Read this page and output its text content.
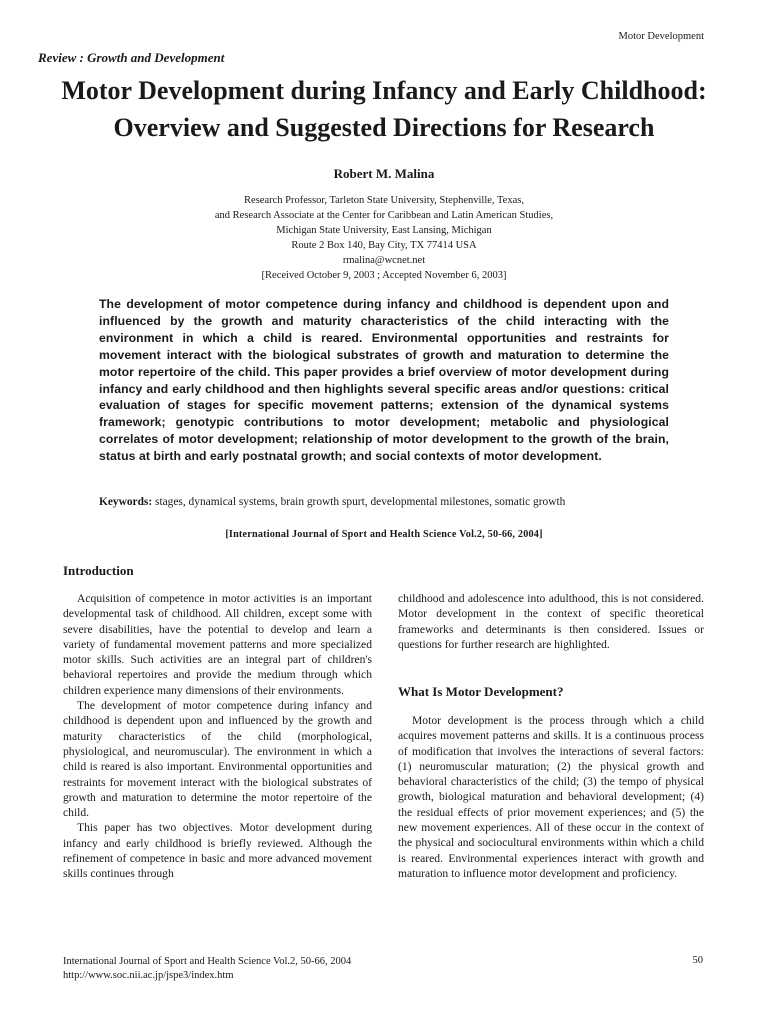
Motor Development
Review : Growth and Development
Motor Development during Infancy and Early Childhood:
Overview and Suggested Directions for Research
Robert M. Malina
Research Professor, Tarleton State University, Stephenville, Texas,
and Research Associate at the Center for Caribbean and Latin American Studies,
Michigan State University, East Lansing, Michigan
Route 2 Box 140, Bay City, TX 77414 USA
rmalina@wcnet.net
[Received October 9, 2003 ; Accepted November 6, 2003]
The development of motor competence during infancy and childhood is dependent upon and influenced by the growth and maturity characteristics of the child interacting with the environment in which a child is reared. Environmental opportunities and restraints for movement interact with the biological substrates of growth and maturation to determine the motor repertoire of the child. This paper provides a brief overview of motor development during infancy and early childhood and then highlights several specific areas and/or questions: critical evaluation of stages for specific movement patterns; extension of the dynamical systems framework; genotypic contributions to motor development; metabolic and physiological correlates of motor development; relationship of motor development to the growth of the brain, status at birth and early postnatal growth; and social contexts of motor development.
Keywords: stages, dynamical systems, brain growth spurt, developmental milestones, somatic growth
[International Journal of Sport and Health Science Vol.2, 50-66, 2004]
Introduction

Acquisition of competence in motor activities is an important developmental task of childhood. All children, except some with severe disabilities, have the potential to develop and learn a variety of fundamental movement patterns and more specialized motor skills. Such activities are an integral part of children's behavioral repertoires and provide the medium through which children experience many dimensions of their environments.

The development of motor competence during infancy and childhood is dependent upon and influenced by the growth and maturity characteristics of the child (morphological, physiological, and neuromuscular). The environment in which a child is reared is also important. Environmental opportunities and restraints for movement interact with the biological substrates of growth and maturation to determine the motor repertoire of the child.

This paper has two objectives. Motor development during infancy and early childhood is briefly reviewed. Although the refinement of competence in basic and more advanced movement skills continues through

childhood and adolescence into adulthood, this is not considered. Motor development in the context of specific theoretical frameworks and determinants is then considered. Issues or questions for further research are highlighted.

What Is Motor Development?

Motor development is the process through which a child acquires movement patterns and skills. It is a continuous process of modification that involves the interactions of several factors: (1) neuromuscular maturation; (2) the physical growth and behavioral characteristics of the child; (3) the tempo of physical growth, biological maturation and behavioral development; (4) the residual effects of prior movement experiences; and (5) the new movement experiences. All of these occur in the context of the physical and sociocultural environments within which a child is reared. Environmental experiences interact with growth and maturation to influence motor development and proficiency.

International Journal of Sport and Health Science Vol.2, 50-66, 2004
http://www.soc.nii.ac.jp/jspe3/index.htm
50
